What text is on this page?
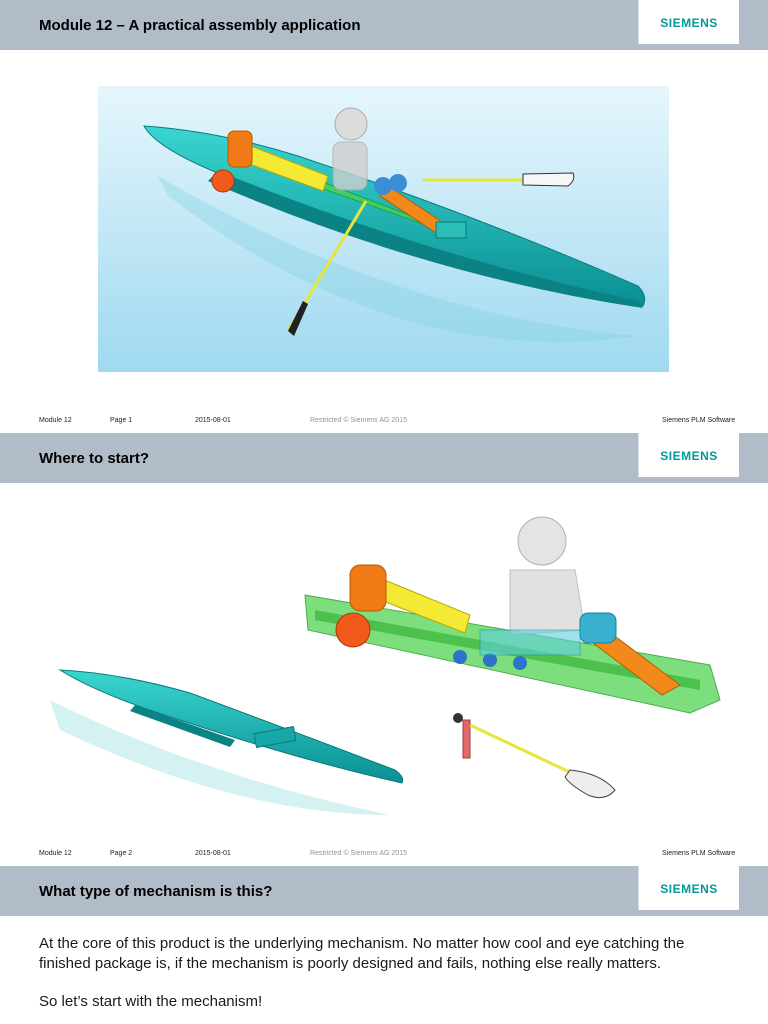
Module 12 – A practical assembly application	SIEMENS
Module 12	Page 1	2015-08-01	Restricted © Siemens AG 2015	Siemens PLM Software
Where to start?	SIEMENS
Module 12	Page 2	2015-08-01	Restricted © Siemens AG 2015	Siemens PLM Software
What type of mechanism is this?	SIEMENS
At the core of this product is the underlying mechanism. No matter how cool and eye catching the finished package is, if the mechanism is poorly designed and fails, nothing else really matters.
So let’s start with the mechanism!
